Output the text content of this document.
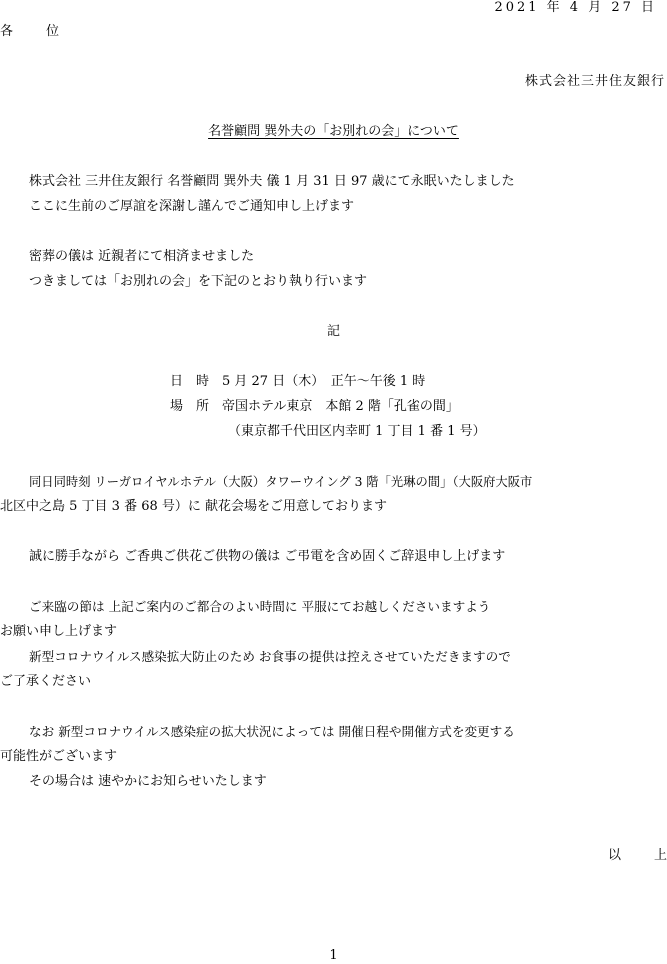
2021 年 4 月 27 日
各	位
株式会社三井住友銀行
名誉顧問 巽外夫の「お別れの会」について
株式会社 三井住友銀行 名誉顧問 巽外夫 儀 1 月 31 日 97 歳にて永眠いたしました
ここに生前のご厚誼を深謝し謹んでご通知申し上げます
密葬の儀は 近親者にて相済ませました
つきましては「お別れの会」を下記のとおり執り行います
記
日　時　5 月 27 日（木）　正午～午後 1 時
場　所　帝国ホテル東京　本館 2 階「孔雀の間」
（東京都千代田区内幸町 1 丁目 1 番 1 号）
同日同時刻 リーガロイヤルホテル（大阪）タワーウイング 3 階「光琳の間」（大阪府大阪市
北区中之島 5 丁目 3 番 68 号）に 献花会場をご用意しております
誠に勝手ながら ご香典ご供花ご供物の儀は ご弔電を含め固くご辞退申し上げます
ご来臨の節は 上記ご案内のご都合のよい時間に 平服にてお越しくださいますよう
お願い申し上げます
新型コロナウイルス感染拡大防止のため お食事の提供は控えさせていただきますので
ご了承ください
なお 新型コロナウイルス感染症の拡大状況によっては 開催日程や開催方式を変更する
可能性がございます
その場合は 速やかにお知らせいたします
以	上
1
